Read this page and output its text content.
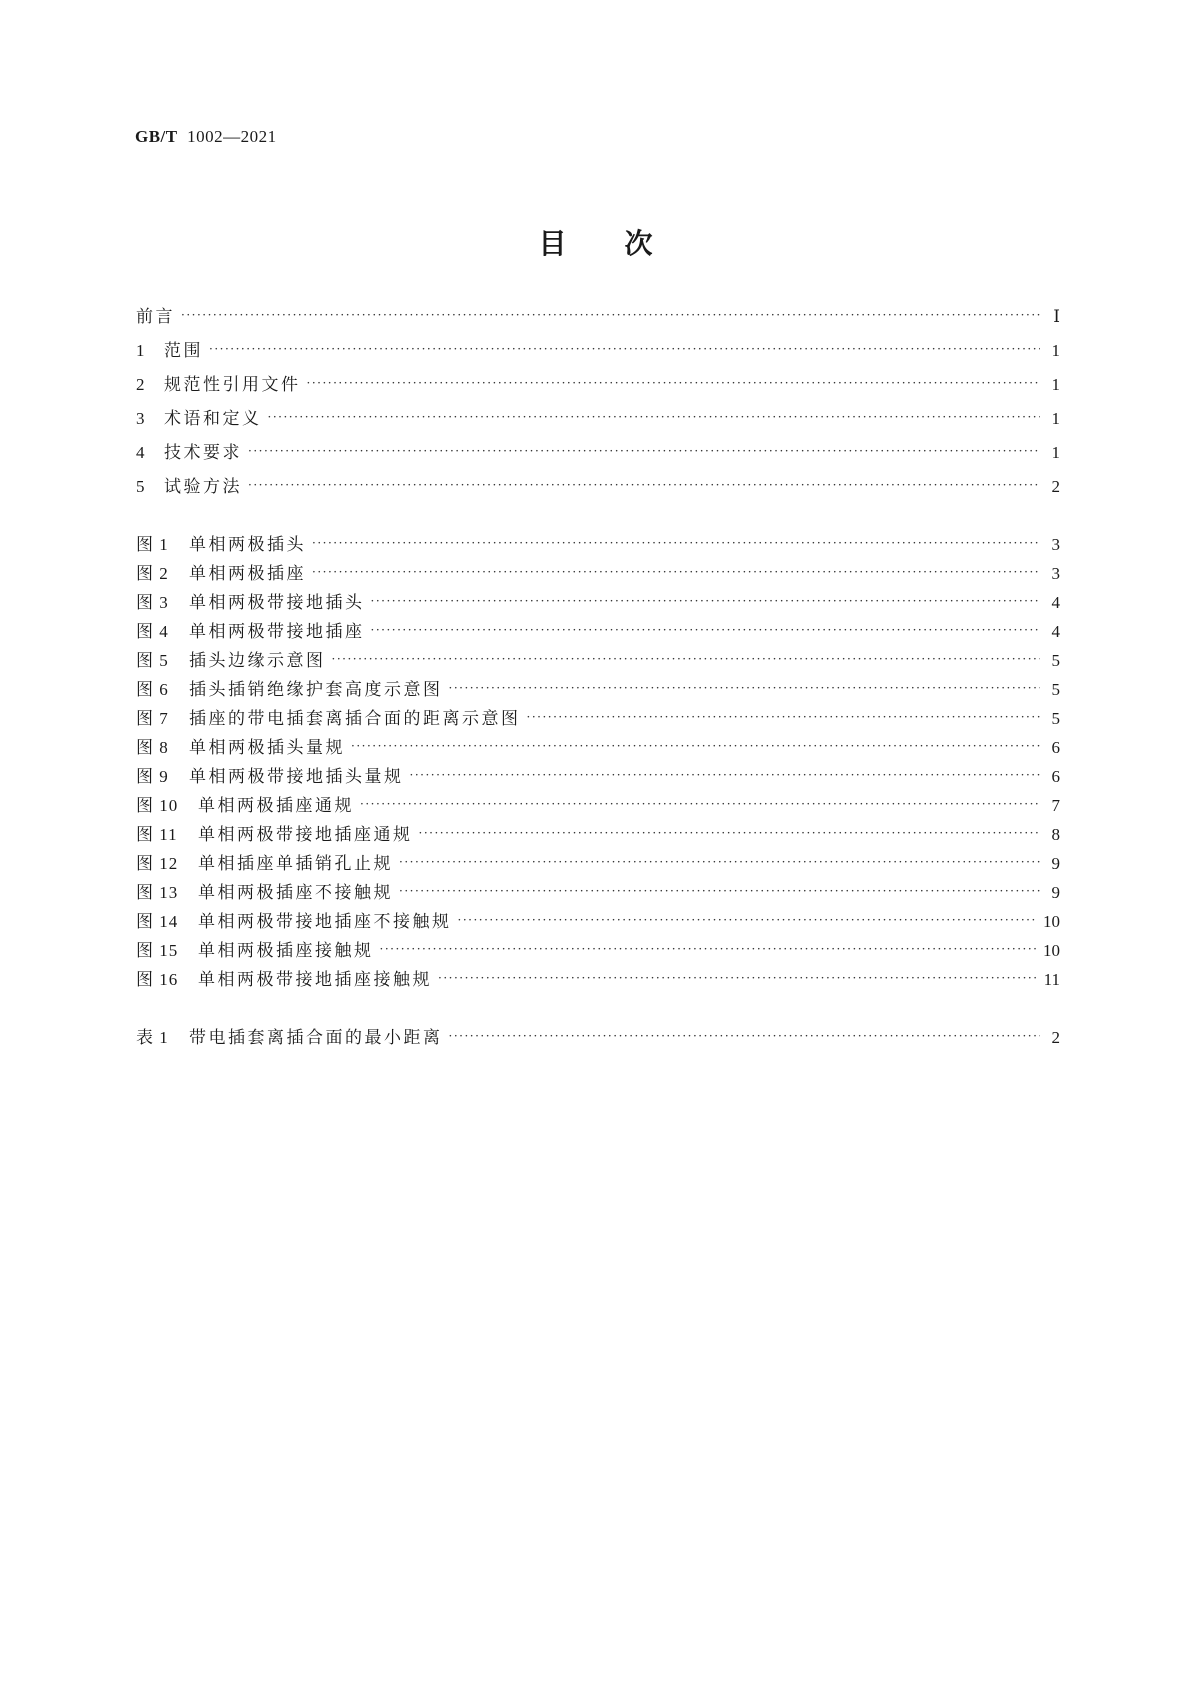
GB/T 1002—2021

目次
前言 ·····	Ⅰ
1	范围 ·····	1
2	规范性引用文件 ·····	1
3	术语和定义 ·····	1
4	技术要求 ·····	1
5	试验方法 ·····	2
图 1	单相两极插头 ·····	3
图 2	单相两极插座 ·····	3
图 3	单相两极带接地插头 ·····	4
图 4	单相两极带接地插座 ·····	4
图 5	插头边缘示意图 ·····	5
图 6	插头插销绝缘护套高度示意图 ·····	5
图 7	插座的带电插套离插合面的距离示意图 ·····	5
图 8	单相两极插头量规 ·····	6
图 9	单相两极带接地插头量规 ·····	6
图 10	单相两极插座通规 ·····	7
图 11	单相两极带接地插座通规 ·····	8
图 12	单相插座单插销孔止规 ·····	9
图 13	单相两极插座不接触规 ·····	9
图 14	单相两极带接地插座不接触规 ·····	10
图 15	单相两极插座接触规 ·····	10
图 16	单相两极带接地插座接触规 ·····	11
表 1	带电插套离插合面的最小距离 ·····	2
